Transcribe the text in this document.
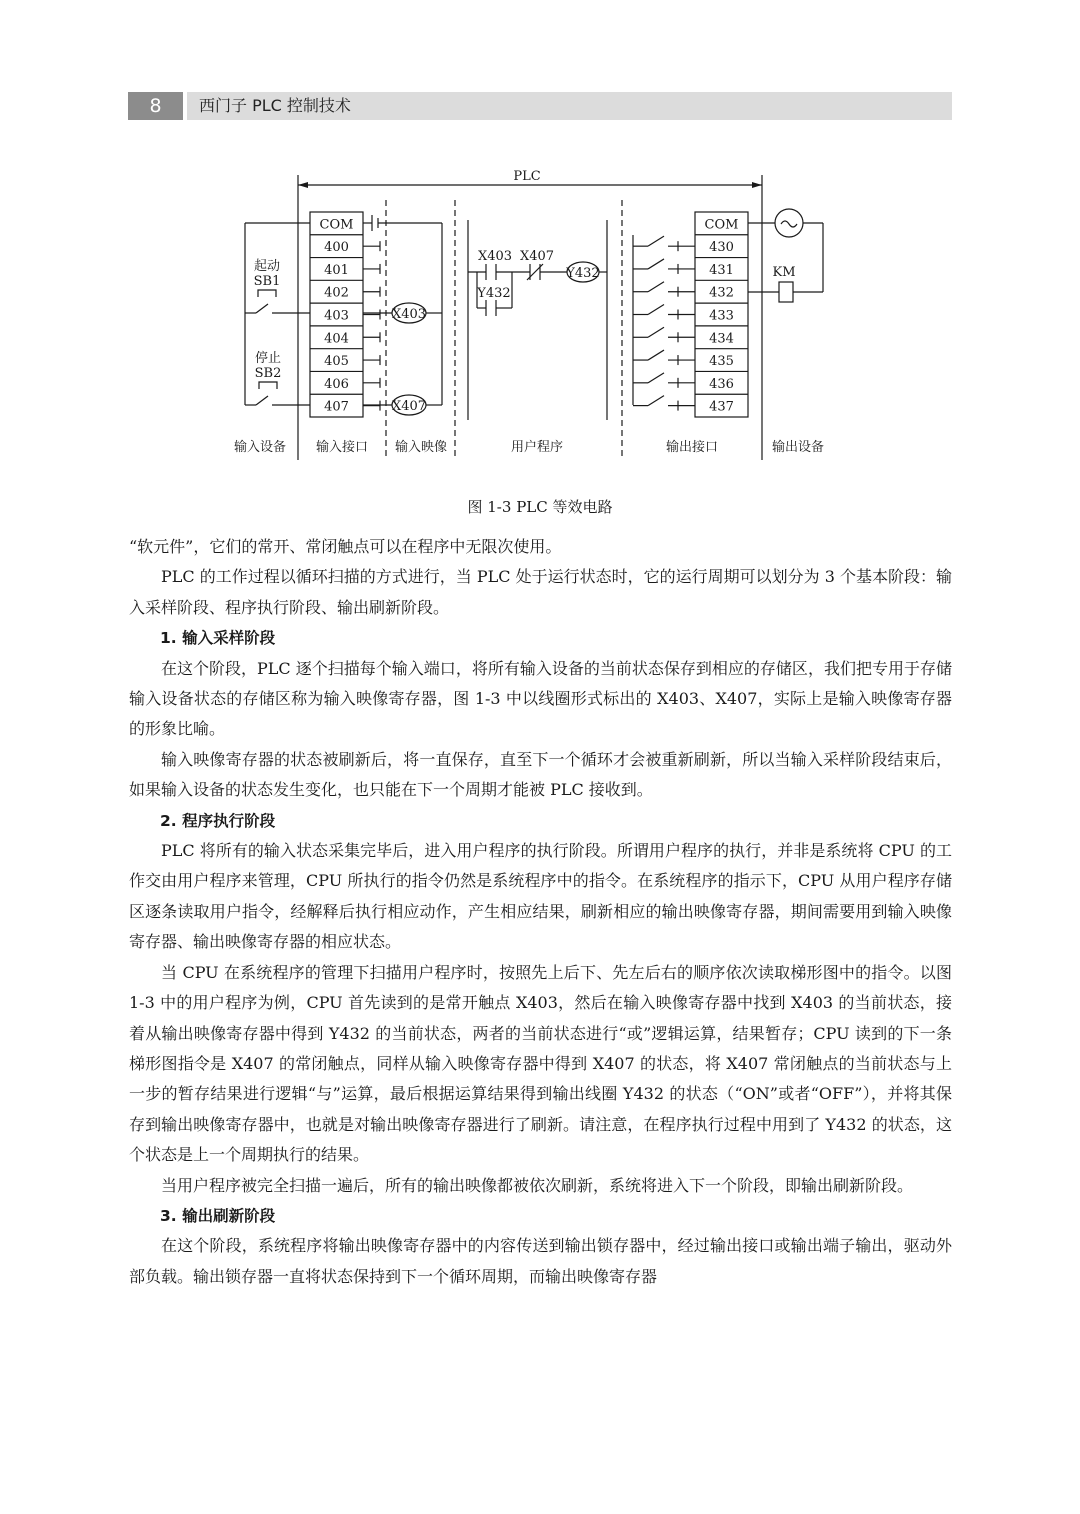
8	西门子 PLC 控制技术
PLC
COM
400
401
402
403
404
405
406
407
起动
SB1
停止
SB2
X403
X407
X403 X407
Y432
Y432
COM
430
431
432
433
434
435
436
437
KM
输入设备 输入接口 输入映像	用户程序	输出接口	输出设备
图 1-3 PLC 等效电路

“软元件”，它们的常开、常闭触点可以在程序中无限次使用。

PLC 的工作过程以循环扫描的方式进行，当 PLC 处于运行状态时，它的运行周期可以划分为 3 个基本阶段：输入采样阶段、程序执行阶段、输出刷新阶段。

1. 输入采样阶段

在这个阶段，PLC 逐个扫描每个输入端口，将所有输入设备的当前状态保存到相应的存储区，我们把专用于存储输入设备状态的存储区称为输入映像寄存器，图 1-3 中以线圈形式标出的 X403、X407，实际上是输入映像寄存器的形象比喻。

输入映像寄存器的状态被刷新后，将一直保存，直至下一个循环才会被重新刷新，所以当输入采样阶段结束后，如果输入设备的状态发生变化，也只能在下一个周期才能被 PLC 接收到。

2. 程序执行阶段

PLC 将所有的输入状态采集完毕后，进入用户程序的执行阶段。所谓用户程序的执行，并非是系统将 CPU 的工作交由用户程序来管理，CPU 所执行的指令仍然是系统程序中的指令。在系统程序的指示下，CPU 从用户程序存储区逐条读取用户指令，经解释后执行相应动作，产生相应结果，刷新相应的输出映像寄存器，期间需要用到输入映像寄存器、输出映像寄存器的相应状态。

当 CPU 在系统程序的管理下扫描用户程序时，按照先上后下、先左后右的顺序依次读取梯形图中的指令。以图 1-3 中的用户程序为例，CPU 首先读到的是常开触点 X403，然后在输入映像寄存器中找到 X403 的当前状态，接着从输出映像寄存器中得到 Y432 的当前状态，两者的当前状态进行“或”逻辑运算，结果暂存；CPU 读到的下一条梯形图指令是 X407 的常闭触点，同样从输入映像寄存器中得到 X407 的状态，将 X407 常闭触点的当前状态与上一步的暂存结果进行逻辑“与”运算，最后根据运算结果得到输出线圈 Y432 的状态（“ON”或者“OFF”），并将其保存到输出映像寄存器中，也就是对输出映像寄存器进行了刷新。请注意，在程序执行过程中用到了 Y432 的状态，这个状态是上一个周期执行的结果。

当用户程序被完全扫描一遍后，所有的输出映像都被依次刷新，系统将进入下一个阶段，即输出刷新阶段。

3. 输出刷新阶段

在这个阶段，系统程序将输出映像寄存器中的内容传送到输出锁存器中，经过输出接口或输出端子输出，驱动外部负载。输出锁存器一直将状态保持到下一个循环周期，而输出映像寄存器
